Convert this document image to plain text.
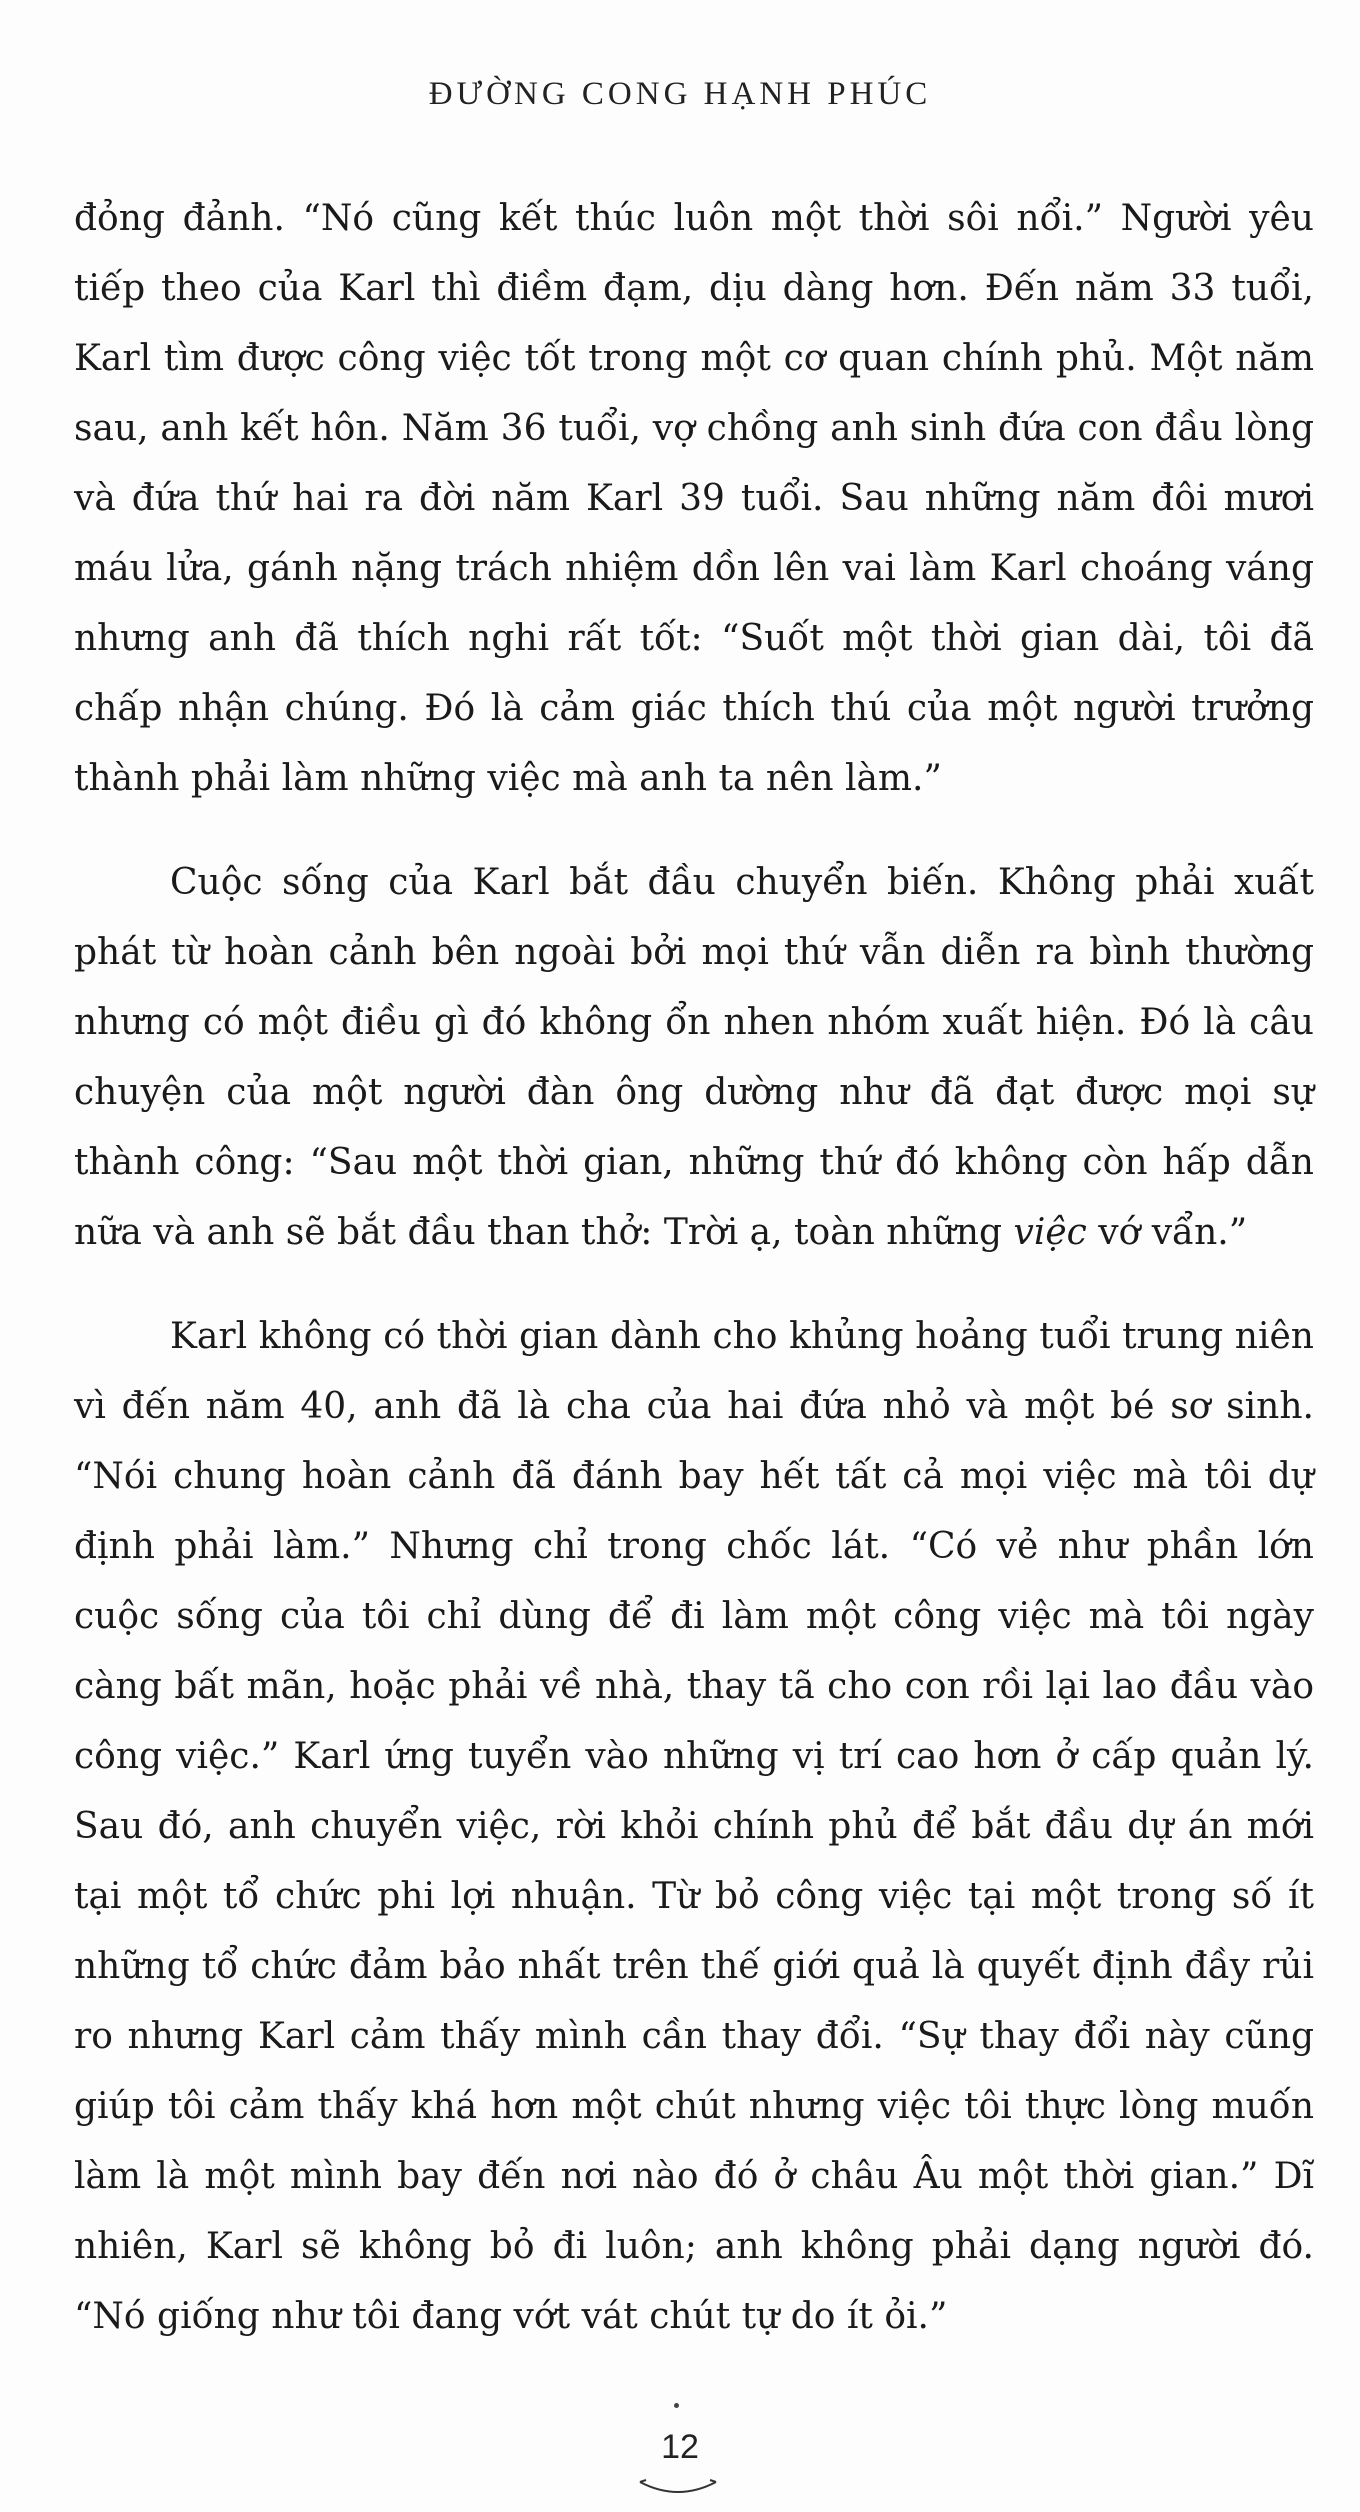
ĐƯỜNG CONG HẠNH PHÚC

đỏng đảnh. “Nó cũng kết thúc luôn một thời sôi nổi.” Người yêu tiếp theo của Karl thì điềm đạm, dịu dàng hơn. Đến năm 33 tuổi, Karl tìm được công việc tốt trong một cơ quan chính phủ. Một năm sau, anh kết hôn. Năm 36 tuổi, vợ chồng anh sinh đứa con đầu lòng và đứa thứ hai ra đời năm Karl 39 tuổi. Sau những năm đôi mươi máu lửa, gánh nặng trách nhiệm dồn lên vai làm Karl choáng váng nhưng anh đã thích nghi rất tốt: “Suốt một thời gian dài, tôi đã chấp nhận chúng. Đó là cảm giác thích thú của một người trưởng thành phải làm những việc mà anh ta nên làm.”

Cuộc sống của Karl bắt đầu chuyển biến. Không phải xuất phát từ hoàn cảnh bên ngoài bởi mọi thứ vẫn diễn ra bình thường nhưng có một điều gì đó không ổn nhen nhóm xuất hiện. Đó là câu chuyện của một người đàn ông dường như đã đạt được mọi sự thành công: “Sau một thời gian, những thứ đó không còn hấp dẫn nữa và anh sẽ bắt đầu than thở: Trời ạ, toàn những việc vớ vẩn.”

Karl không có thời gian dành cho khủng hoảng tuổi trung niên vì đến năm 40, anh đã là cha của hai đứa nhỏ và một bé sơ sinh. “Nói chung hoàn cảnh đã đánh bay hết tất cả mọi việc mà tôi dự định phải làm.” Nhưng chỉ trong chốc lát. “Có vẻ như phần lớn cuộc sống của tôi chỉ dùng để đi làm một công việc mà tôi ngày càng bất mãn, hoặc phải về nhà, thay tã cho con rồi lại lao đầu vào công việc.” Karl ứng tuyển vào những vị trí cao hơn ở cấp quản lý. Sau đó, anh chuyển việc, rời khỏi chính phủ để bắt đầu dự án mới tại một tổ chức phi lợi nhuận. Từ bỏ công việc tại một trong số ít những tổ chức đảm bảo nhất trên thế giới quả là quyết định đầy rủi ro nhưng Karl cảm thấy mình cần thay đổi. “Sự thay đổi này cũng giúp tôi cảm thấy khá hơn một chút nhưng việc tôi thực lòng muốn làm là một mình bay đến nơi nào đó ở châu Âu một thời gian.” Dĩ nhiên, Karl sẽ không bỏ đi luôn; anh không phải dạng người đó. “Nó giống như tôi đang vớt vát chút tự do ít ỏi.”

12
